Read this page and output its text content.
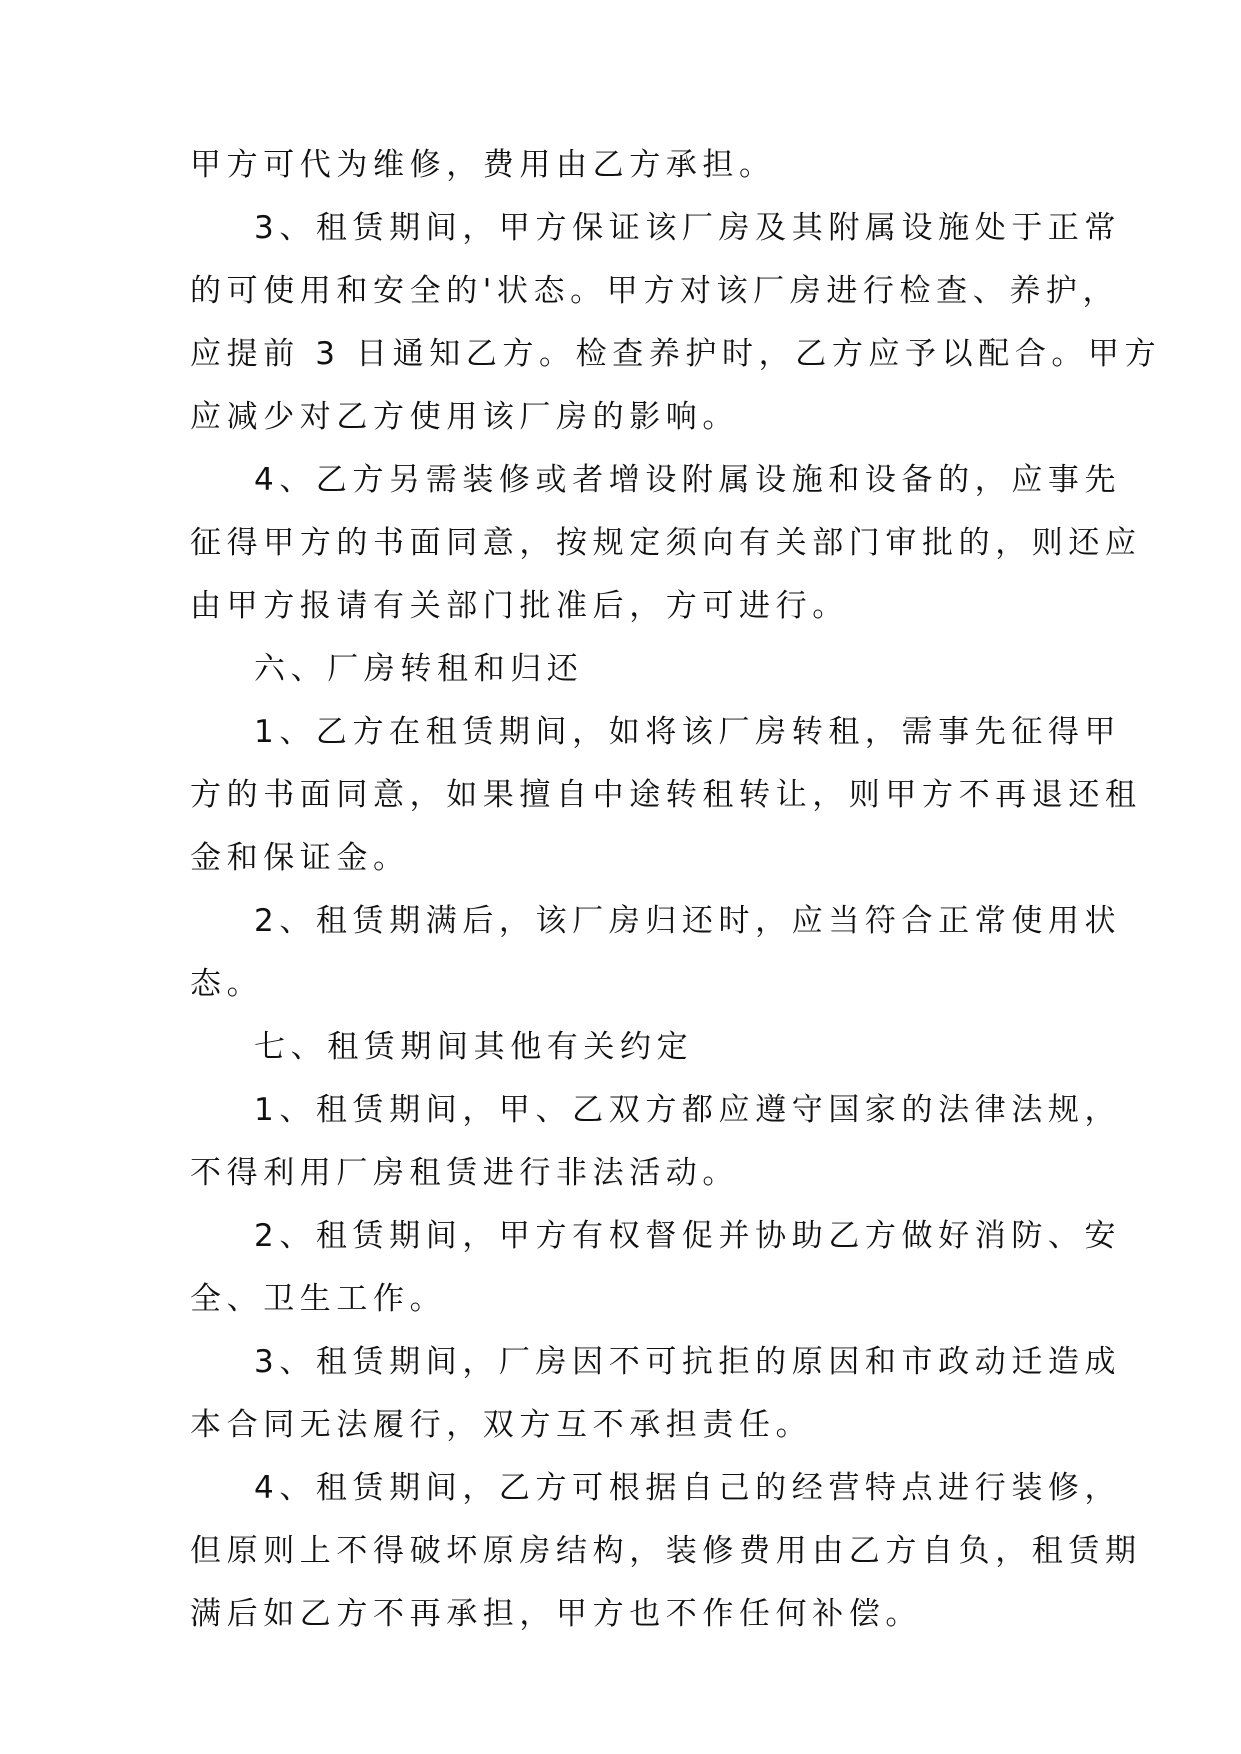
甲方可代为维修，费用由乙方承担。

3、租赁期间，甲方保证该厂房及其附属设施处于正常

的可使用和安全的'状态。甲方对该厂房进行检查、养护，

应提前 3 日通知乙方。检查养护时，乙方应予以配合。甲方

应减少对乙方使用该厂房的影响。

4、乙方另需装修或者增设附属设施和设备的，应事先

征得甲方的书面同意，按规定须向有关部门审批的，则还应

由甲方报请有关部门批准后，方可进行。

六、厂房转租和归还

1、乙方在租赁期间，如将该厂房转租，需事先征得甲

方的书面同意，如果擅自中途转租转让，则甲方不再退还租

金和保证金。

2、租赁期满后，该厂房归还时，应当符合正常使用状

态。

七、租赁期间其他有关约定

1、租赁期间，甲、乙双方都应遵守国家的法律法规，

不得利用厂房租赁进行非法活动。

2、租赁期间，甲方有权督促并协助乙方做好消防、安

全、卫生工作。

3、租赁期间，厂房因不可抗拒的原因和市政动迁造成

本合同无法履行，双方互不承担责任。

4、租赁期间，乙方可根据自己的经营特点进行装修，

但原则上不得破坏原房结构，装修费用由乙方自负，租赁期

满后如乙方不再承担，甲方也不作任何补偿。
